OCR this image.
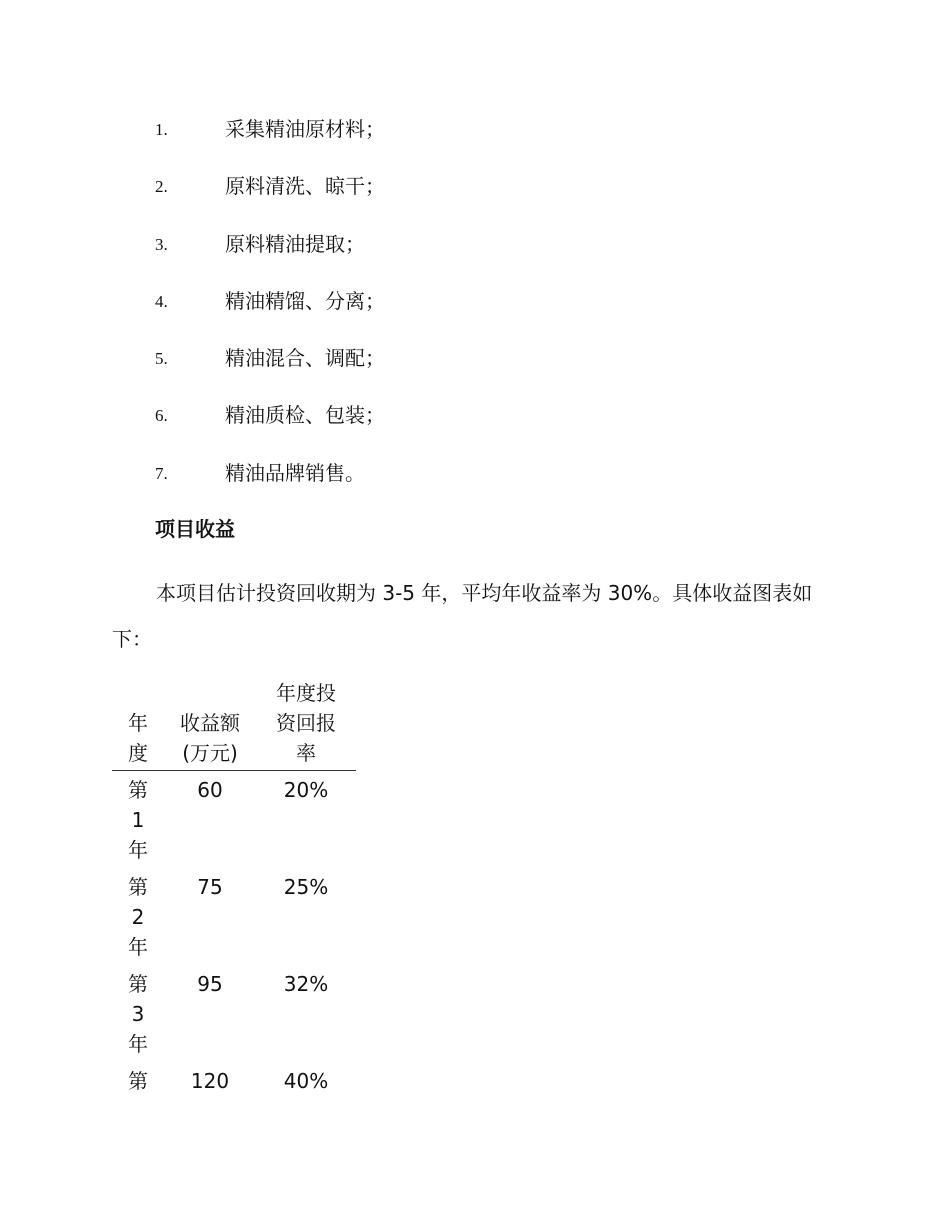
1.	采集精油原材料；
2.	原料清洗、晾干；
3.	原料精油提取；
4.	精油精馏、分离；
5.	精油混合、调配；
6.	精油质检、包装；
7.	精油品牌销售。
项目收益

本项目估计投资回收期为 3-5 年，平均年收益率为 30%。具体收益图表如下：

年度	收益额(万元)	年度投资回报率
第1年	60	20%
第2年	75	25%
第3年	95	32%
第	120	40%
